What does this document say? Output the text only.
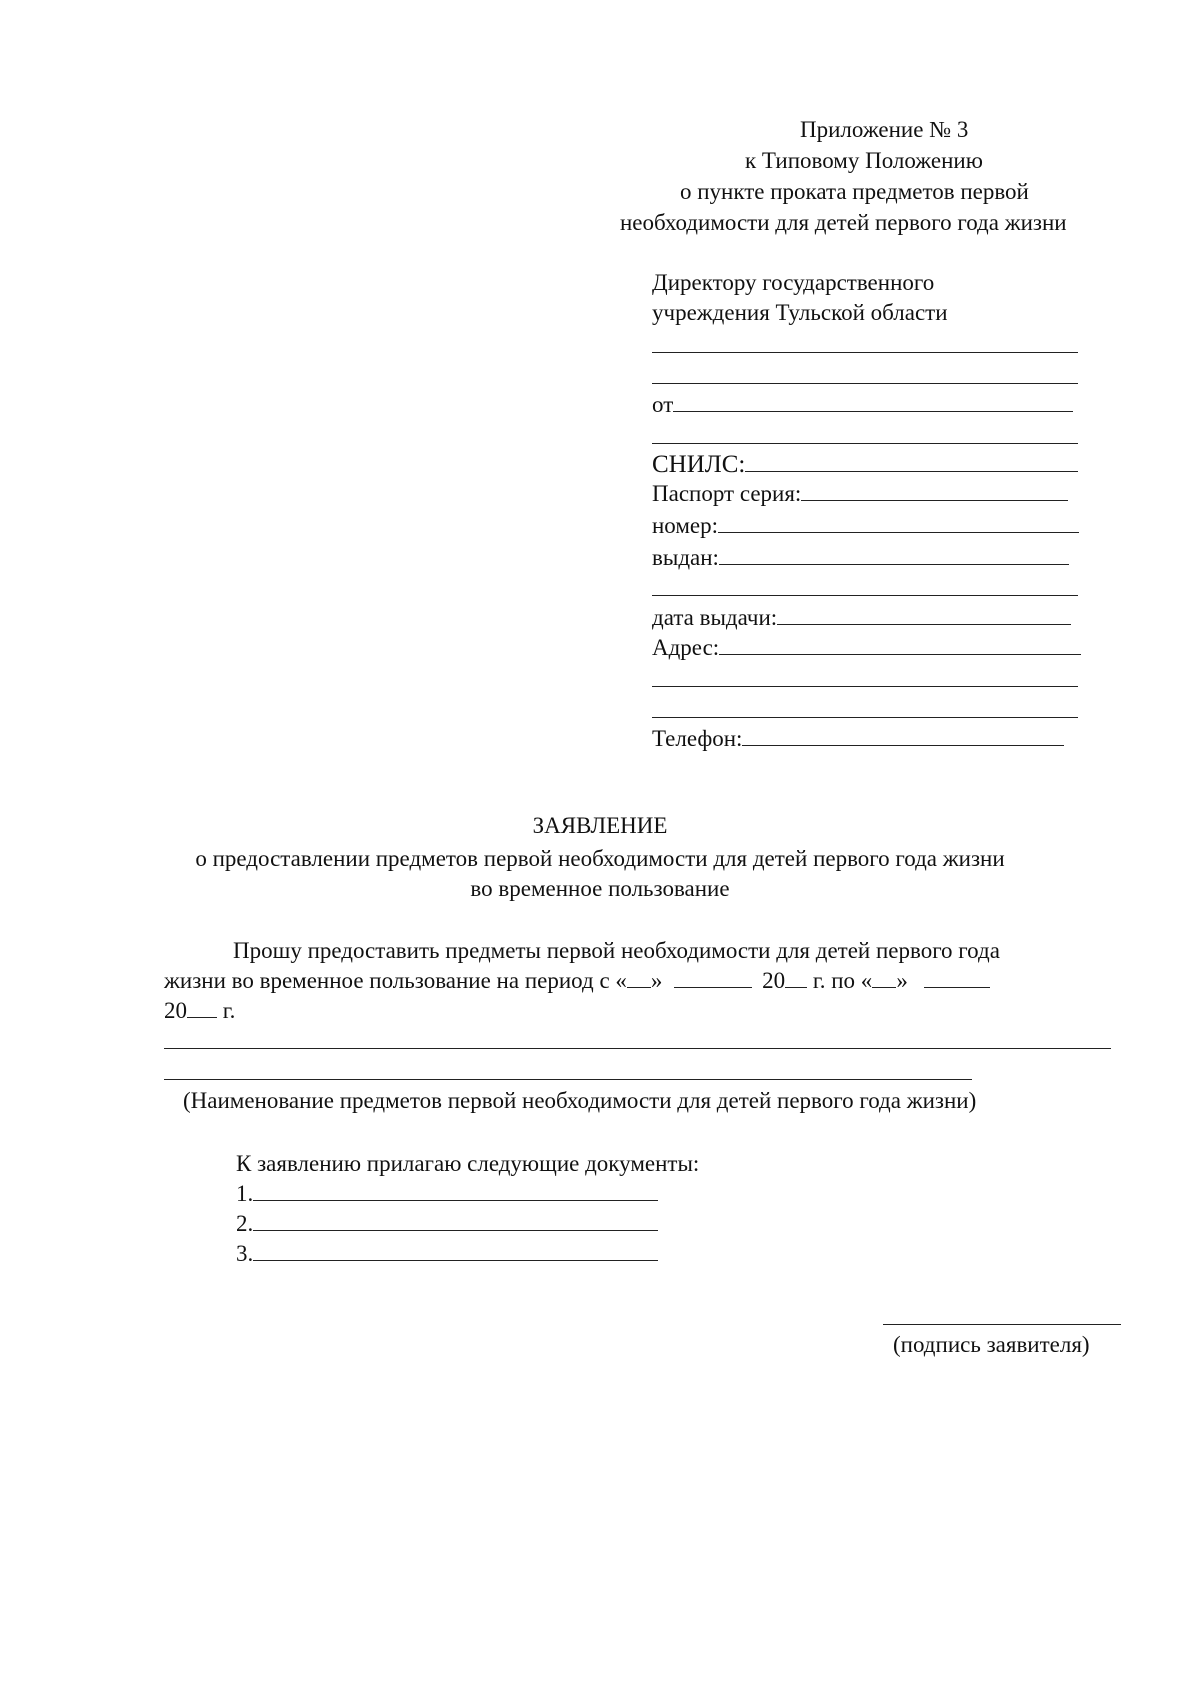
Приложение № 3
к Типовому Положению
о пункте проката предметов первой
необходимости для детей первого года жизни
Директору государственного
учреждения Тульской области
от
СНИЛС:
Паспорт серия:
номер:
выдан:
дата выдачи:
Адрес:
Телефон:
ЗАЯВЛЕНИЕ
о предоставлении предметов первой необходимости для детей первого года жизни
во временное пользование
Прошу предоставить предметы первой необходимости для детей первого года
жизни во временное пользование на период с « »	20 г. по « »
20 г.
(Наименование предметов первой необходимости для детей первого года жизни)
К заявлению прилагаю следующие документы:
1.
2.
3.
(подпись заявителя)
